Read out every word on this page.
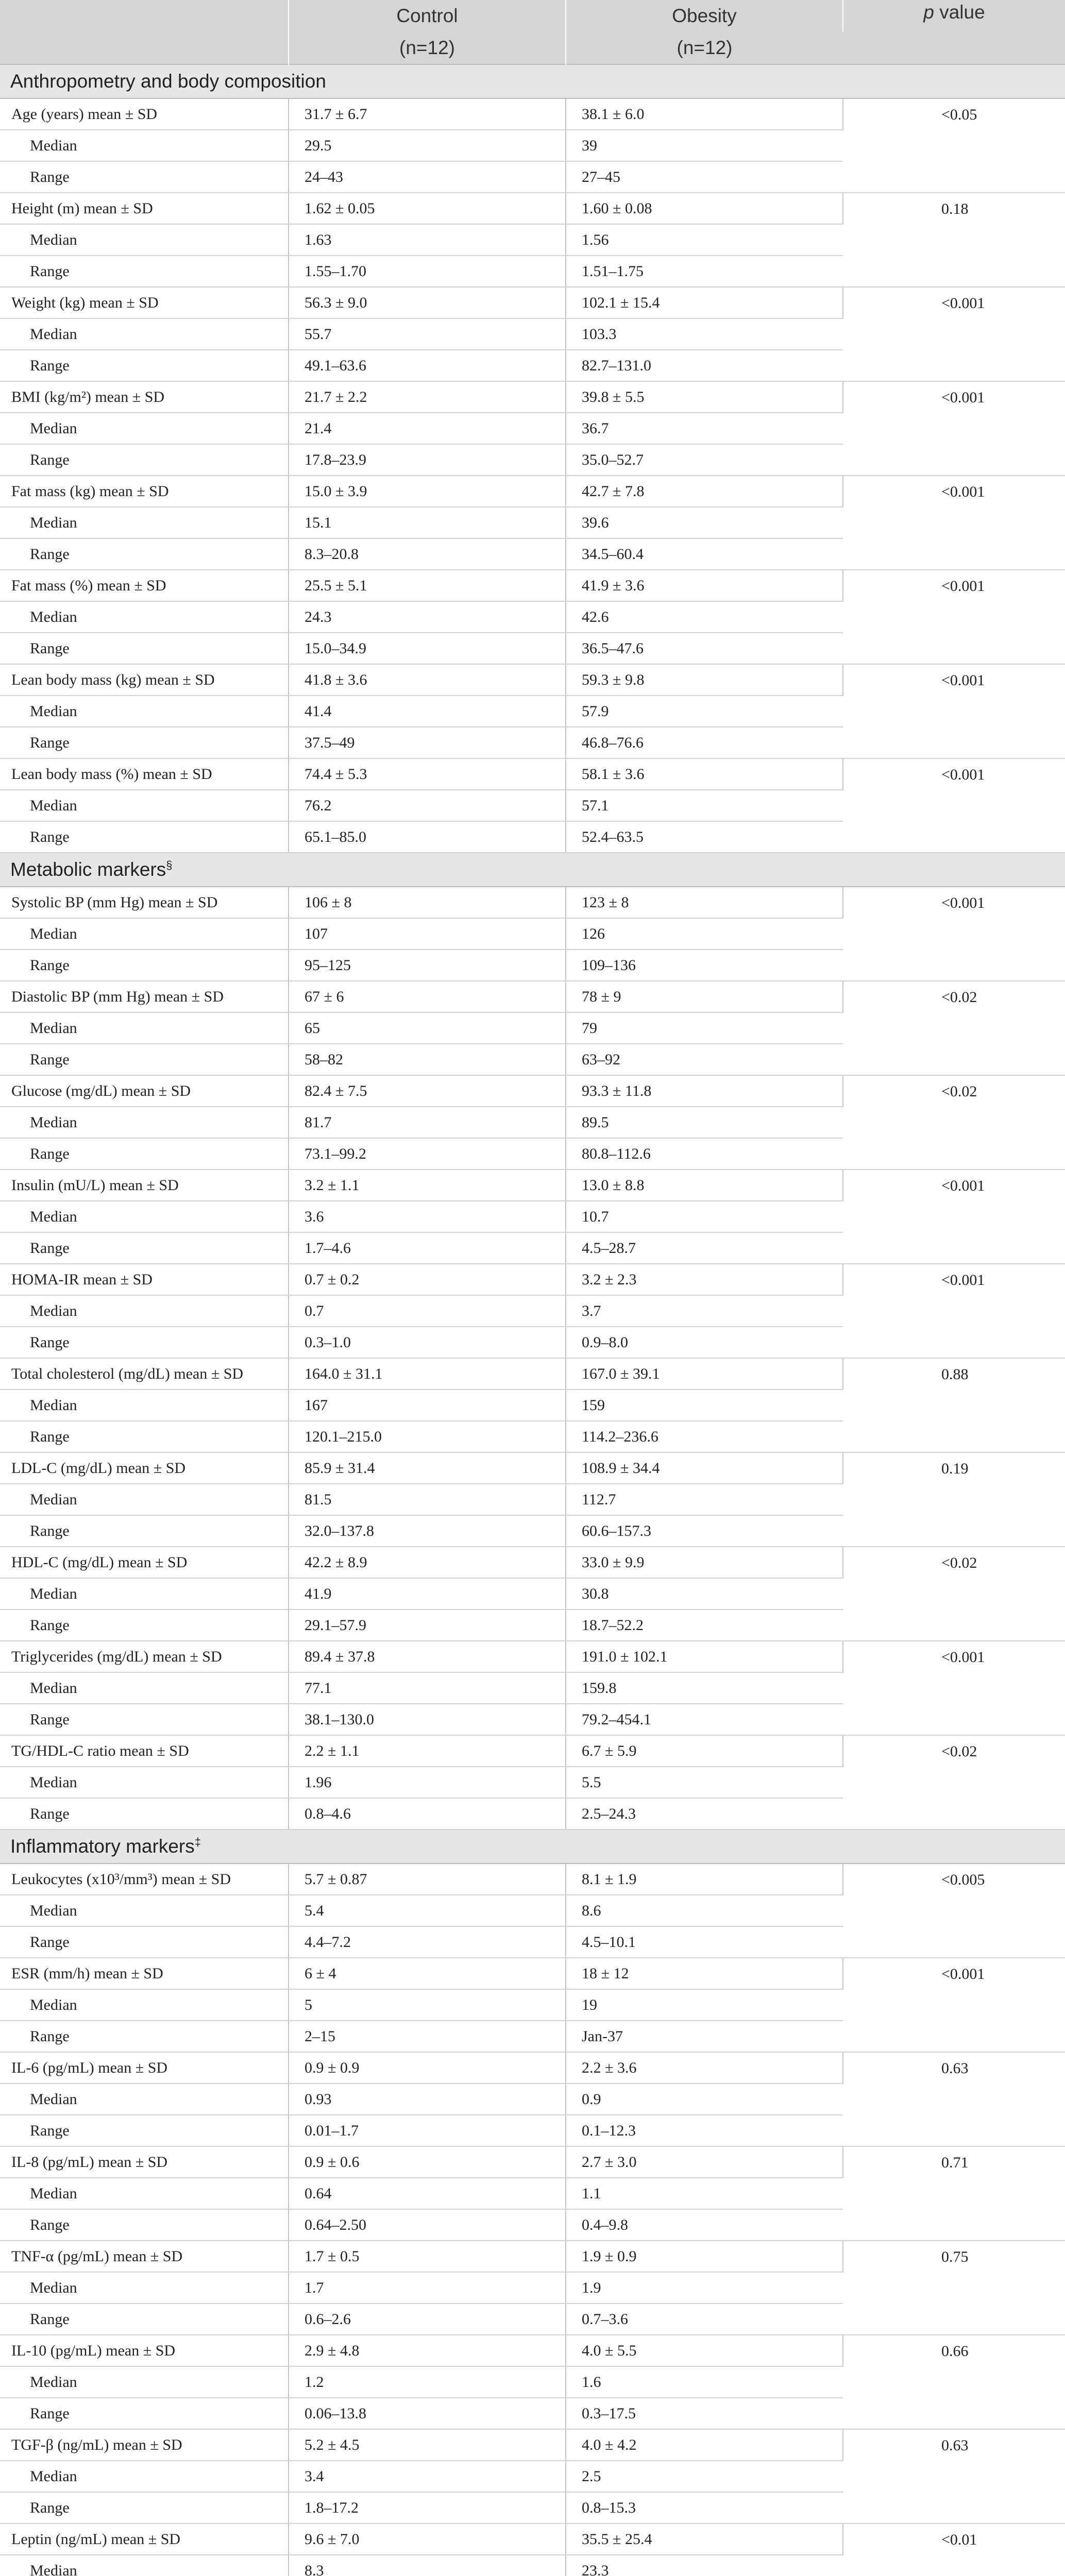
	Control	Obesity	p value
	(n=12)	(n=12)	
Anthropometry and body composition			
Age (years) mean ± SD	31.7 ± 6.7	38.1 ± 6.0	<0.05
Median	29.5	39	
Range	24–43	27–45	
Height (m) mean ± SD	1.62 ± 0.05	1.60 ± 0.08	0.18
Median	1.63	1.56	
Range	1.55–1.70	1.51–1.75	
Weight (kg) mean ± SD	56.3 ± 9.0	102.1 ± 15.4	<0.001
Median	55.7	103.3	
Range	49.1–63.6	82.7–131.0	
BMI (kg/m²) mean ± SD	21.7 ± 2.2	39.8 ± 5.5	<0.001
Median	21.4	36.7	
Range	17.8–23.9	35.0–52.7	
Fat mass (kg) mean ± SD	15.0 ± 3.9	42.7 ± 7.8	<0.001
Median	15.1	39.6	
Range	8.3–20.8	34.5–60.4	
Fat mass (%) mean ± SD	25.5 ± 5.1	41.9 ± 3.6	<0.001
Median	24.3	42.6	
Range	15.0–34.9	36.5–47.6	
Lean body mass (kg) mean ± SD	41.8 ± 3.6	59.3 ± 9.8	<0.001
Median	41.4	57.9	
Range	37.5–49	46.8–76.6	
Lean body mass (%) mean ± SD	74.4 ± 5.3	58.1 ± 3.6	<0.001
Median	76.2	57.1	
Range	65.1–85.0	52.4–63.5	
Metabolic markers§
Systolic BP (mm Hg) mean ± SD	106 ± 8	123 ± 8	<0.001
Median	107	126	
Range	95–125	109–136	
Diastolic BP (mm Hg) mean ± SD	67 ± 6	78 ± 9	<0.02
Median	65	79	
Range	58–82	63–92	
Glucose (mg/dL) mean ± SD	82.4 ± 7.5	93.3 ± 11.8	<0.02
Median	81.7	89.5	
Range	73.1–99.2	80.8–112.6	
Insulin (mU/L) mean ± SD	3.2 ± 1.1	13.0 ± 8.8	<0.001
Median	3.6	10.7	
Range	1.7–4.6	4.5–28.7	
HOMA-IR mean ± SD	0.7 ± 0.2	3.2 ± 2.3	<0.001
Median	0.7	3.7	
Range	0.3–1.0	0.9–8.0	
Total cholesterol (mg/dL) mean ± SD	164.0 ± 31.1	167.0 ± 39.1	0.88
Median	167	159	
Range	120.1–215.0	114.2–236.6	
LDL-C (mg/dL) mean ± SD	85.9 ± 31.4	108.9 ± 34.4	0.19
Median	81.5	112.7	
Range	32.0–137.8	60.6–157.3	
HDL-C (mg/dL) mean ± SD	42.2 ± 8.9	33.0 ± 9.9	<0.02
Median	41.9	30.8	
Range	29.1–57.9	18.7–52.2	
Triglycerides (mg/dL) mean ± SD	89.4 ± 37.8	191.0 ± 102.1	<0.001
Median	77.1	159.8	
Range	38.1–130.0	79.2–454.1	
TG/HDL-C ratio mean ± SD	2.2 ± 1.1	6.7 ± 5.9	<0.02
Median	1.96	5.5	
Range	0.8–4.6	2.5–24.3	
Inflammatory markers‡
Leukocytes (x10³/mm³) mean ± SD	5.7 ± 0.87	8.1 ± 1.9	<0.005
Median	5.4	8.6	
Range	4.4–7.2	4.5–10.1	
ESR (mm/h) mean ± SD	6 ± 4	18 ± 12	<0.001
Median	5	19	
Range	2–15	Jan-37	
IL-6 (pg/mL) mean ± SD	0.9 ± 0.9	2.2 ± 3.6	0.63
Median	0.93	0.9	
Range	0.01–1.7	0.1–12.3	
IL-8 (pg/mL) mean ± SD	0.9 ± 0.6	2.7 ± 3.0	0.71
Median	0.64	1.1	
Range	0.64–2.50	0.4–9.8	
TNF-α (pg/mL) mean ± SD	1.7 ± 0.5	1.9 ± 0.9	0.75
Median	1.7	1.9	
Range	0.6–2.6	0.7–3.6	
IL-10 (pg/mL) mean ± SD	2.9 ± 4.8	4.0 ± 5.5	0.66
Median	1.2	1.6	
Range	0.06–13.8	0.3–17.5	
TGF-β (ng/mL) mean ± SD	5.2 ± 4.5	4.0 ± 4.2	0.63
Median	3.4	2.5	
Range	1.8–17.2	0.8–15.3	
Leptin (ng/mL) mean ± SD	9.6 ± 7.0	35.5 ± 25.4	<0.01
Median	8.3	23.3	
